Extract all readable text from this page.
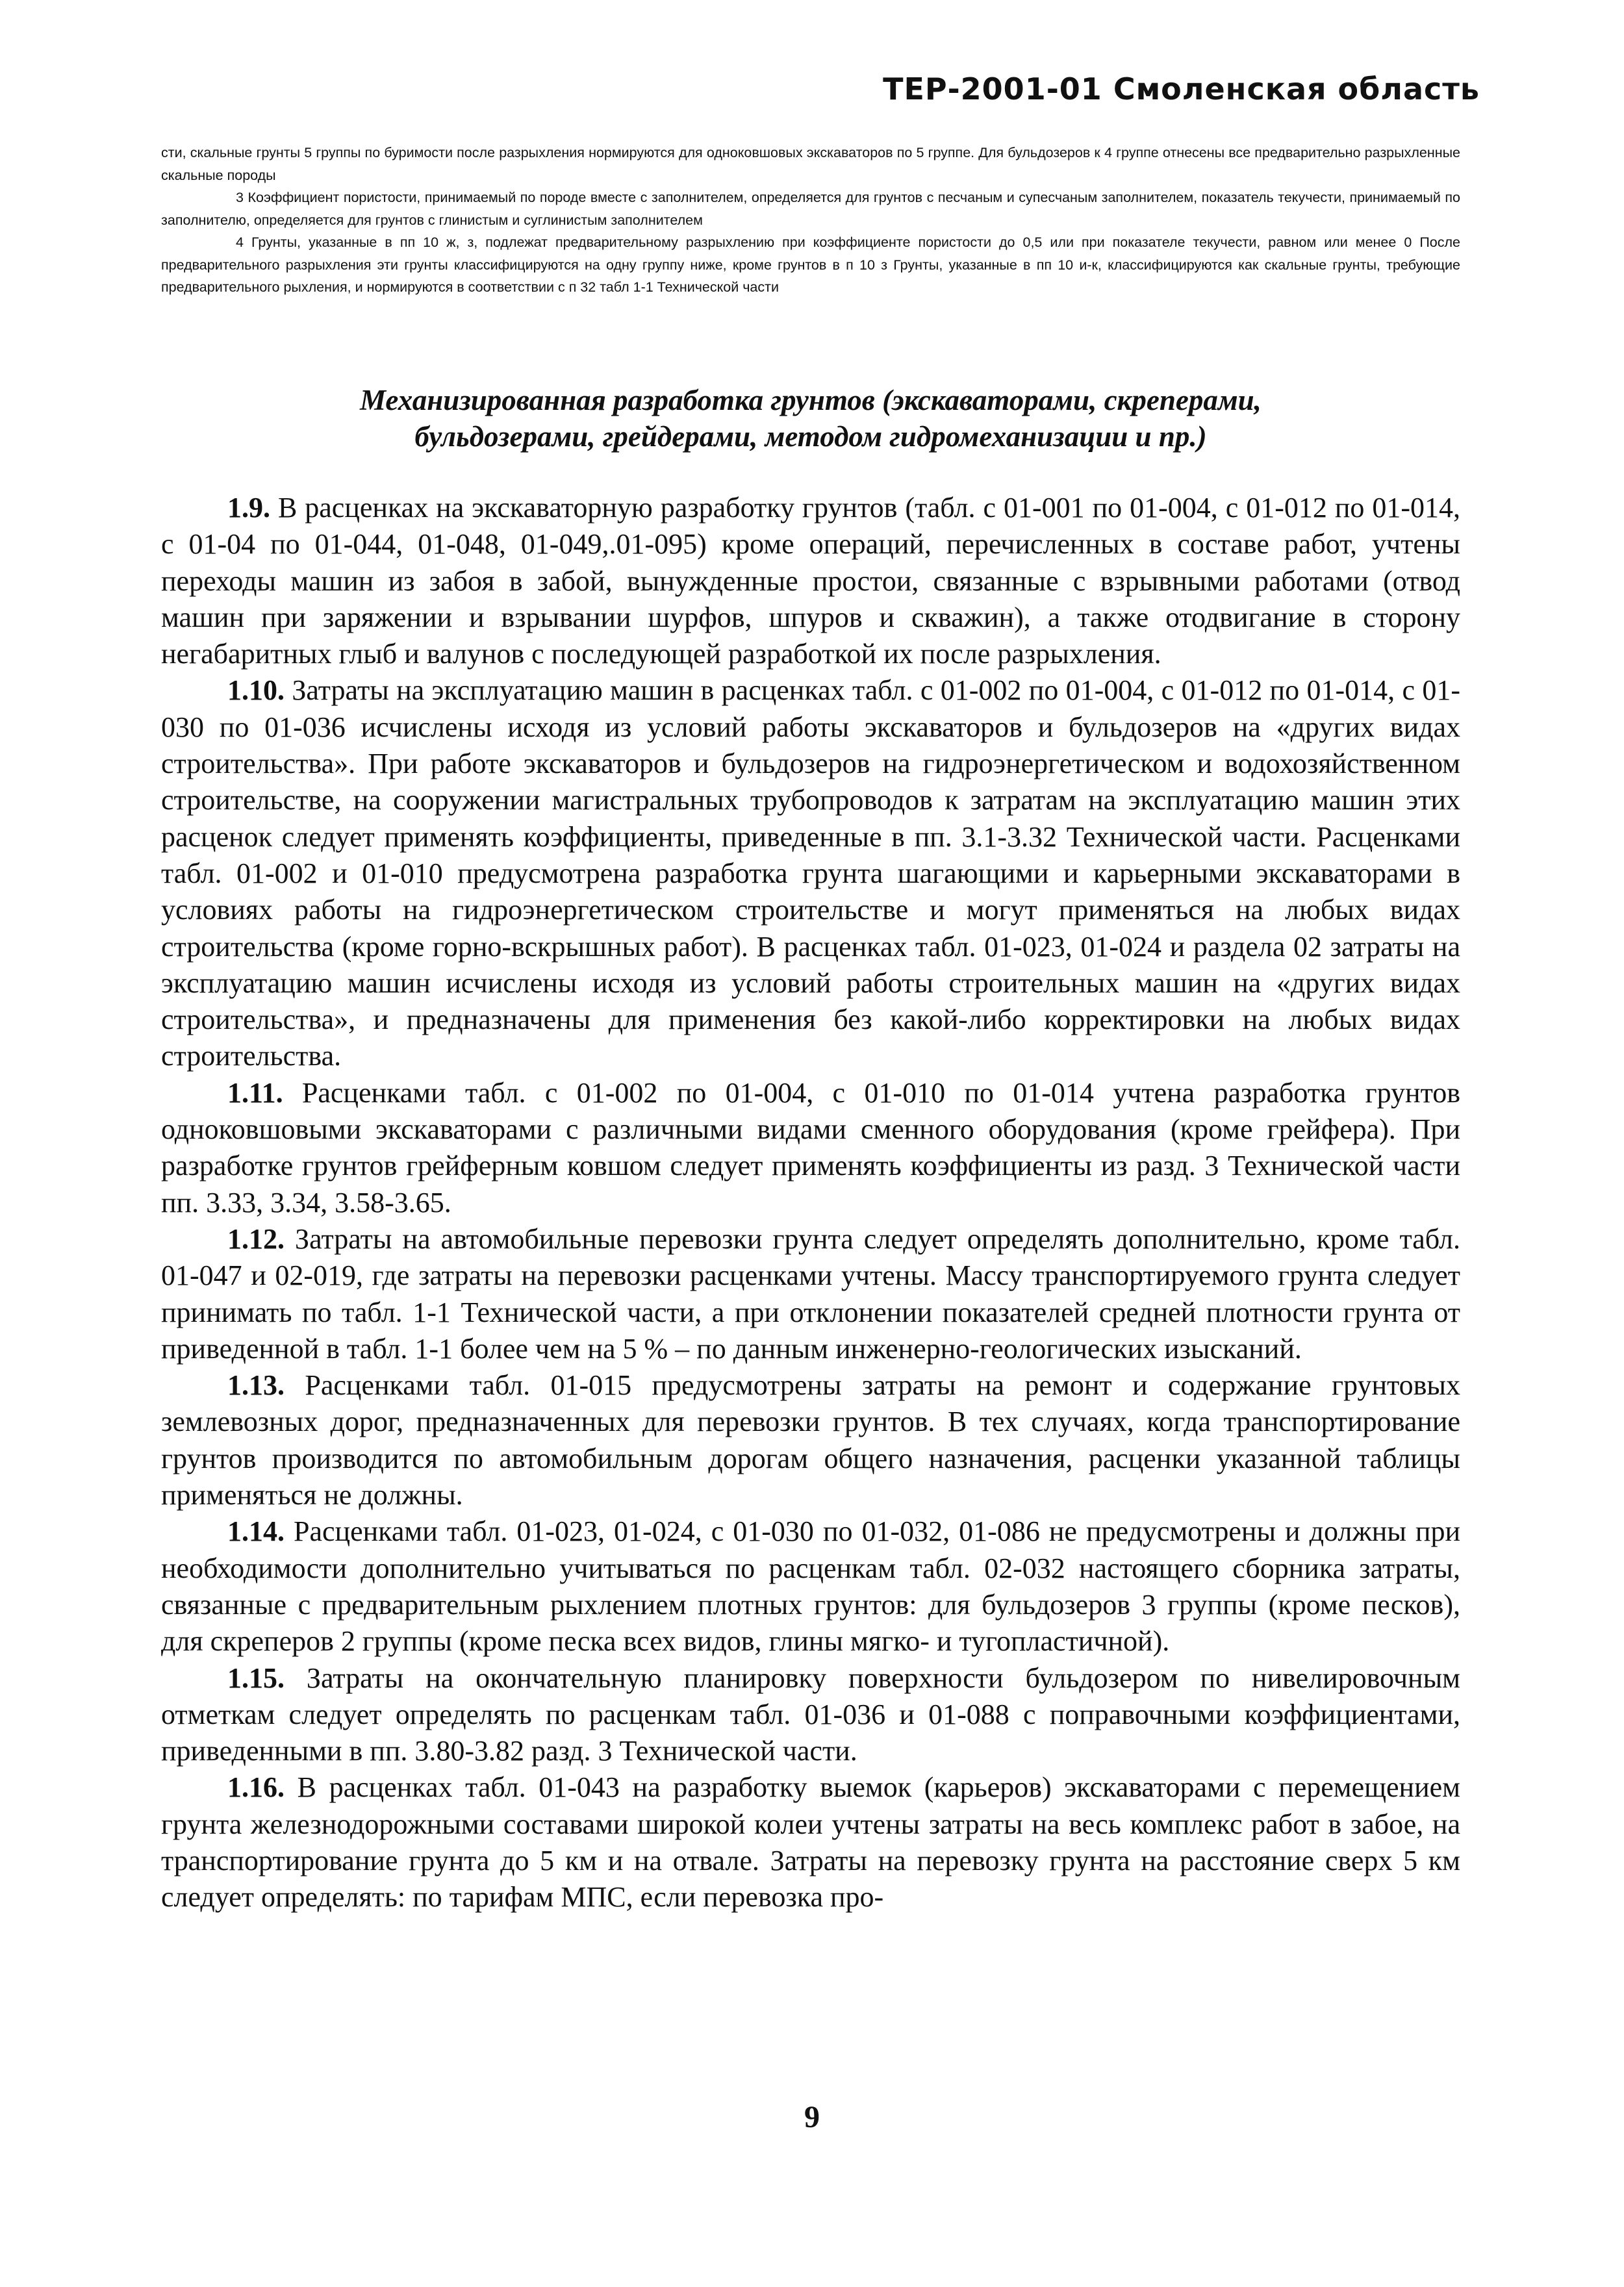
ТЕР-2001-01 Смоленская область

сти, скальные грунты 5 группы по буримости после разрыхления нормируются для одноковшовых экскаваторов по 5 группе. Для бульдозеров к 4 группе отнесены все предварительно разрыхленные скальные породы

3 Коэффициент пористости, принимаемый по породе вместе с заполнителем, определяется для грунтов с песчаным и супесчаным заполнителем, показатель текучести, принимаемый по заполнителю, определяется для грунтов с глинистым и суглинистым заполнителем

4 Грунты, указанные в пп 10 ж, з, подлежат предварительному разрыхлению при коэффициенте пористости до 0,5 или при показателе текучести, равном или менее 0 После предварительного разрыхления эти грунты классифицируются на одну группу ниже, кроме грунтов в п 10 з Грунты, указанные в пп 10 и-к, классифицируются как скальные грунты, требующие предварительного рыхления, и нормируются в соответствии с п 32 табл 1-1 Технической части

Механизированная разработка грунтов (экскаваторами, скреперами,
бульдозерами, грейдерами, методом гидромеханизации и пр.)

1.9. В расценках на экскаваторную разработку грунтов (табл. с 01-001 по 01-004, с 01-012 по 01-014, с 01-04 по 01-044, 01-048, 01-049,.01-095) кроме операций, перечисленных в составе работ, учтены переходы машин из забоя в забой, вынужденные простои, связанные с взрывными работами (отвод машин при заряжении и взрывании шурфов, шпуров и скважин), а также отодвигание в сторону негабаритных глыб и валунов с последующей разработкой их после разрыхления.

1.10. Затраты на эксплуатацию машин в расценках табл. с 01-002 по 01-004, с 01-012 по 01-014, с 01-030 по 01-036 исчислены исходя из условий работы экскаваторов и бульдозеров на «других видах строительства». При работе экскаваторов и бульдозеров на гидроэнергетическом и водохозяйственном строительстве, на сооружении магистральных трубопроводов к затратам на эксплуатацию машин этих расценок следует применять коэффициенты, приведенные в пп. 3.1-3.32 Технической части. Расценками табл. 01-002 и 01-010 предусмотрена разработка грунта шагающими и карьерными экскаваторами в условиях работы на гидроэнергетическом строительстве и могут применяться на любых видах строительства (кроме горно-вскрышных работ). В расценках табл. 01-023, 01-024 и раздела 02 затраты на эксплуатацию машин исчислены исходя из условий работы строительных машин на «других видах строительства», и предназначены для применения без какой-либо корректировки на любых видах строительства.

1.11. Расценками табл. с 01-002 по 01-004, с 01-010 по 01-014 учтена разработка грунтов одноковшовыми экскаваторами с различными видами сменного оборудования (кроме грейфера). При разработке грунтов грейферным ковшом следует применять коэффициенты из разд. 3 Технической части пп. 3.33, 3.34, 3.58-3.65.

1.12. Затраты на автомобильные перевозки грунта следует определять дополнительно, кроме табл. 01-047 и 02-019, где затраты на перевозки расценками учтены. Массу транспортируемого грунта следует принимать по табл. 1-1 Технической части, а при отклонении показателей средней плотности грунта от приведенной в табл. 1-1 более чем на 5 % – по данным инженерно-геологических изысканий.

1.13. Расценками табл. 01-015 предусмотрены затраты на ремонт и содержание грунтовых землевозных дорог, предназначенных для перевозки грунтов. В тех случаях, когда транспортирование грунтов производится по автомобильным дорогам общего назначения, расценки указанной таблицы применяться не должны.

1.14. Расценками табл. 01-023, 01-024, с 01-030 по 01-032, 01-086 не предусмотрены и должны при необходимости дополнительно учитываться по расценкам табл. 02-032 настоящего сборника затраты, связанные с предварительным рыхлением плотных грунтов: для бульдозеров 3 группы (кроме песков), для скреперов 2 группы (кроме песка всех видов, глины мягко- и тугопластичной).

1.15. Затраты на окончательную планировку поверхности бульдозером по нивелировочным отметкам следует определять по расценкам табл. 01-036 и 01-088 с поправочными коэффициентами, приведенными в пп. 3.80-3.82 разд. 3 Технической части.

1.16. В расценках табл. 01-043 на разработку выемок (карьеров) экскаваторами с перемещением грунта железнодорожными составами широкой колеи учтены затраты на весь комплекс работ в забое, на транспортирование грунта до 5 км и на отвале. Затраты на перевозку грунта на расстояние сверх 5 км следует определять: по тарифам МПС, если перевозка про-

9
